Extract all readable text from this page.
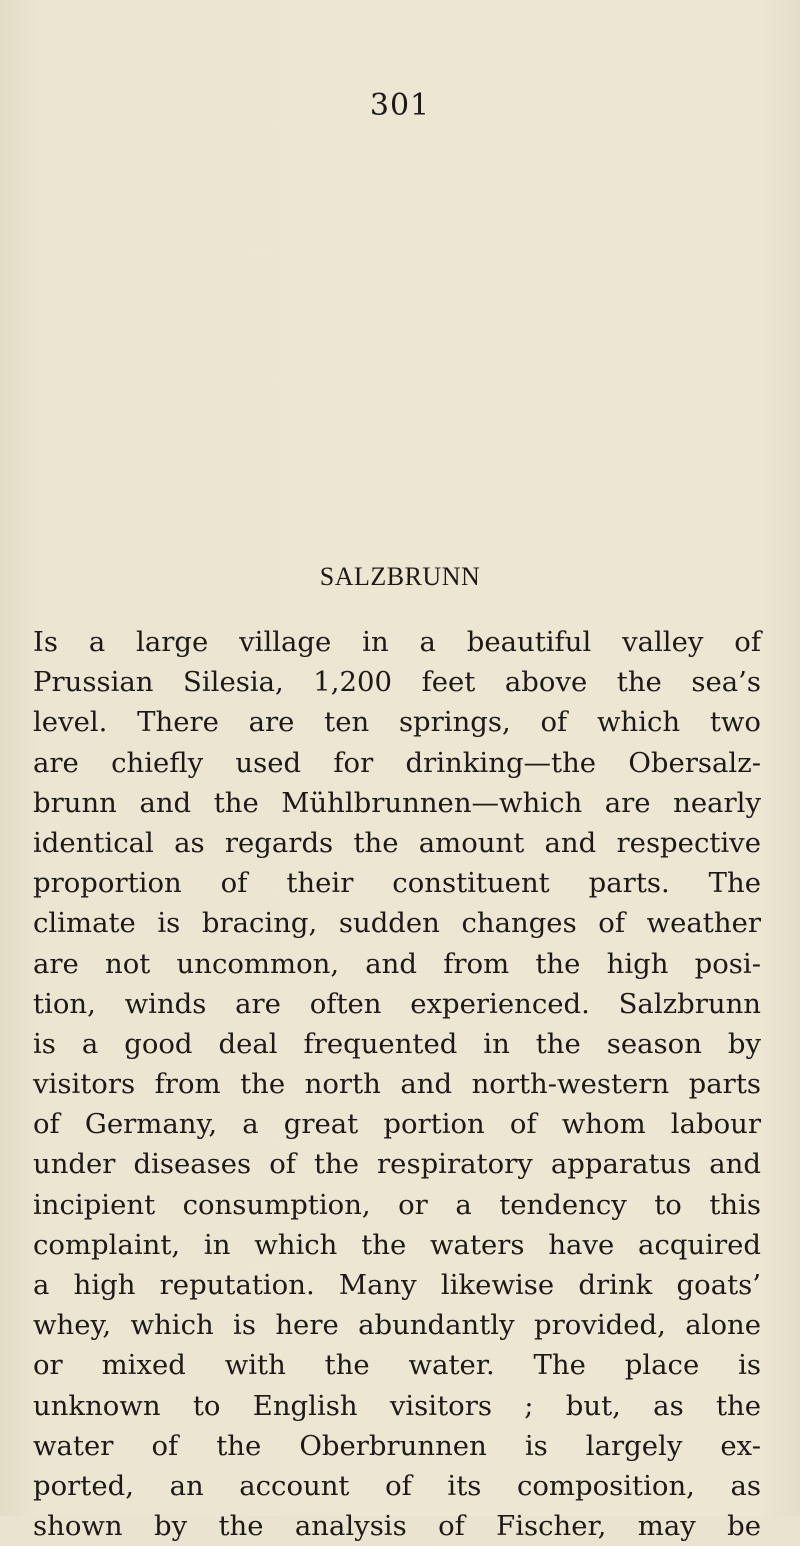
301
SALZBRUNN
Is a large village in a beautiful valley of
Prussian Silesia, 1,200 feet above the sea’s
level. There are ten springs, of which two
are chiefly used for drinking—the Obersalz-
brunn and the Mühlbrunnen—which are nearly
identical as regards the amount and respective
proportion of their constituent parts. The
climate is bracing, sudden changes of weather
are not uncommon, and from the high posi-
tion, winds are often experienced. Salzbrunn
is a good deal frequented in the season by
visitors from the north and north-western parts
of Germany, a great portion of whom labour
under diseases of the respiratory apparatus and
incipient consumption, or a tendency to this
complaint, in which the waters have acquired
a high reputation. Many likewise drink goats’
whey, which is here abundantly provided, alone
or mixed with the water. The place is
unknown to English visitors ; but, as the
water of the Oberbrunnen is largely ex-
ported, an account of its composition, as
shown by the analysis of Fischer, may be
